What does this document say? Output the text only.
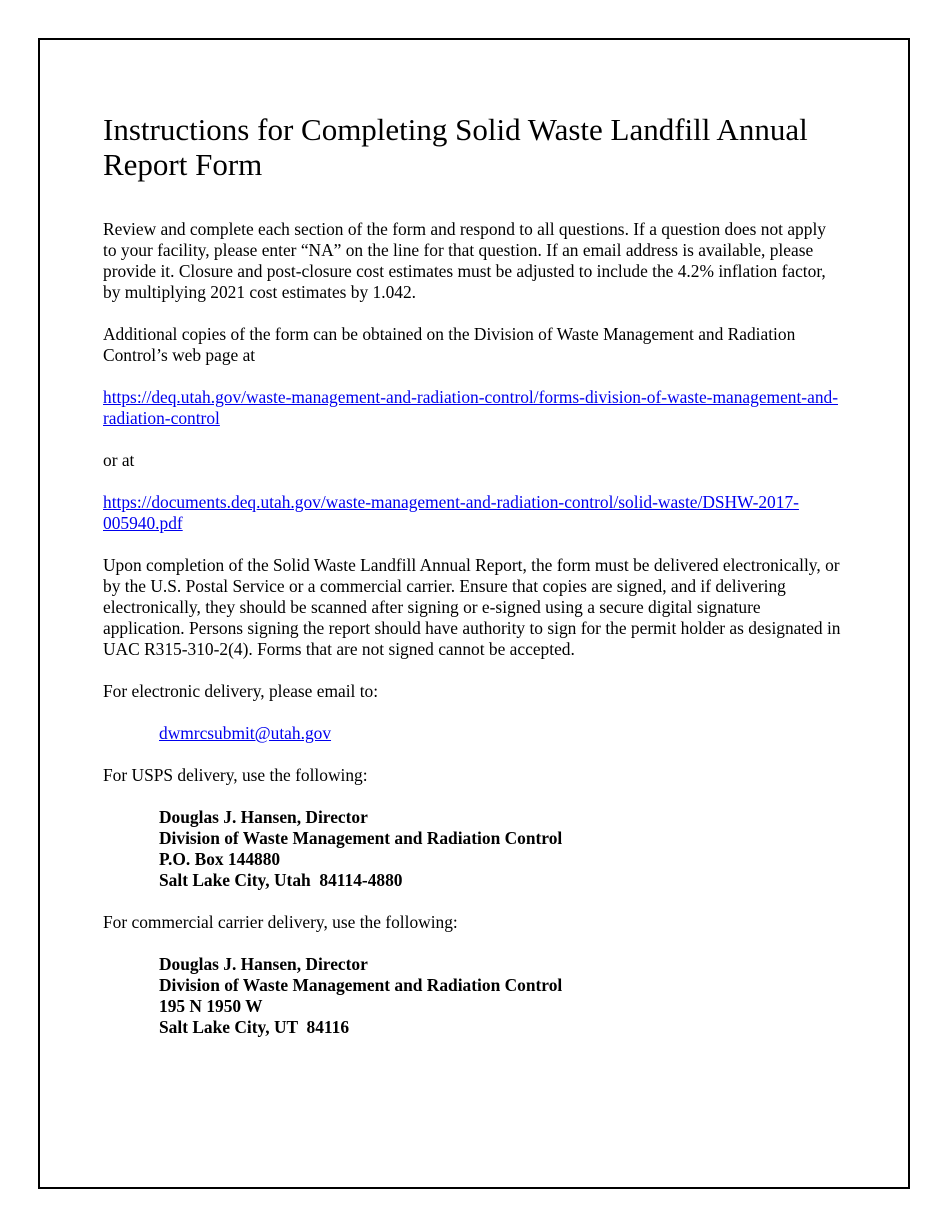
Instructions for Completing Solid Waste Landfill Annual Report Form

Review and complete each section of the form and respond to all questions. If a question does not apply to your facility, please enter “NA” on the line for that question. If an email address is available, please provide it. Closure and post-closure cost estimates must be adjusted to include the 4.2% inflation factor, by multiplying 2021 cost estimates by 1.042.

Additional copies of the form can be obtained on the Division of Waste Management and Radiation Control’s web page at

https://deq.utah.gov/waste-management-and-radiation-control/forms-division-of-waste-management-and-radiation-control

or at

https://documents.deq.utah.gov/waste-management-and-radiation-control/solid-waste/DSHW-2017-005940.pdf

Upon completion of the Solid Waste Landfill Annual Report, the form must be delivered electronically, or by the U.S. Postal Service or a commercial carrier. Ensure that copies are signed, and if delivering electronically, they should be scanned after signing or e-signed using a secure digital signature application. Persons signing the report should have authority to sign for the permit holder as designated in UAC R315-310-2(4). Forms that are not signed cannot be accepted.

For electronic delivery, please email to:

dwmrcsubmit@utah.gov

For USPS delivery, use the following:

Douglas J. Hansen, Director
Division of Waste Management and Radiation Control
P.O. Box 144880
Salt Lake City, Utah  84114-4880

For commercial carrier delivery, use the following:

Douglas J. Hansen, Director
Division of Waste Management and Radiation Control
195 N 1950 W
Salt Lake City, UT  84116
